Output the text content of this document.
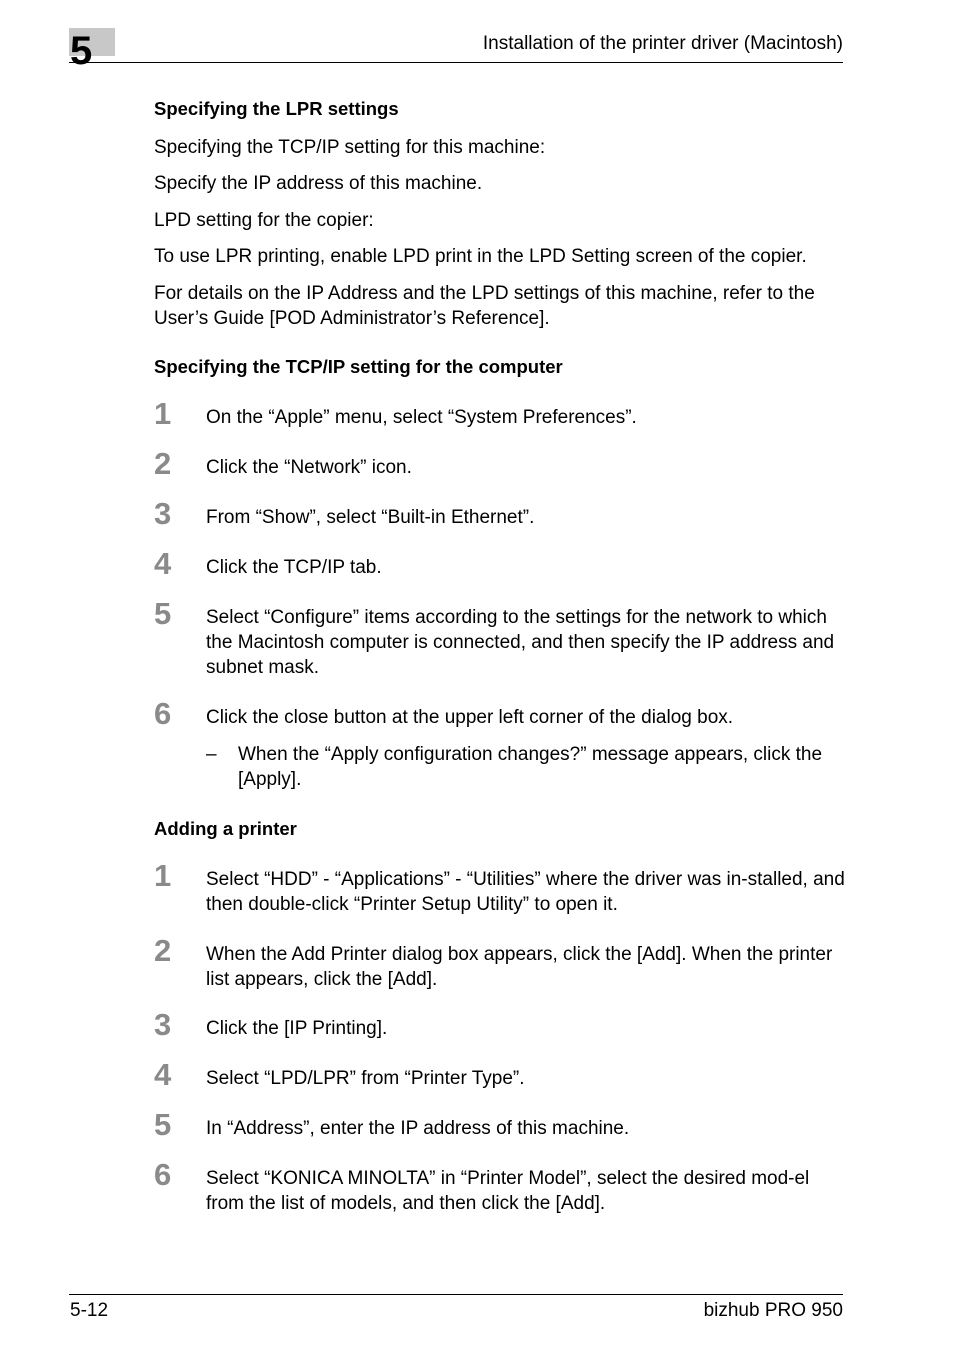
5	Installation of the printer driver (Macintosh)
Specifying the LPR settings
Specifying the TCP/IP setting for this machine:
Specify the IP address of this machine.
LPD setting for the copier:
To use LPR printing, enable LPD print in the LPD Setting screen of the copier.
For details on the IP Address and the LPD settings of this machine, refer to the User’s Guide [POD Administrator’s Reference].
Specifying the TCP/IP setting for the computer
1	On the “Apple” menu, select “System Preferences”.
2	Click the “Network” icon.
3	From “Show”, select “Built-in Ethernet”.
4	Click the TCP/IP tab.
5	Select “Configure” items according to the settings for the network to which the Macintosh computer is connected, and then specify the IP address and subnet mask.
6	Click the close button at the upper left corner of the dialog box.
– When the “Apply configuration changes?” message appears, click the [Apply].
Adding a printer
1	Select “HDD” - “Applications” - “Utilities” where the driver was in-stalled, and then double-click “Printer Setup Utility” to open it.
2	When the Add Printer dialog box appears, click the [Add]. When the printer list appears, click the [Add].
3	Click the [IP Printing].
4	Select “LPD/LPR” from “Printer Type”.
5	In “Address”, enter the IP address of this machine.
6	Select “KONICA MINOLTA” in “Printer Model”, select the desired mod-el from the list of models, and then click the [Add].
5-12	bizhub PRO 950
